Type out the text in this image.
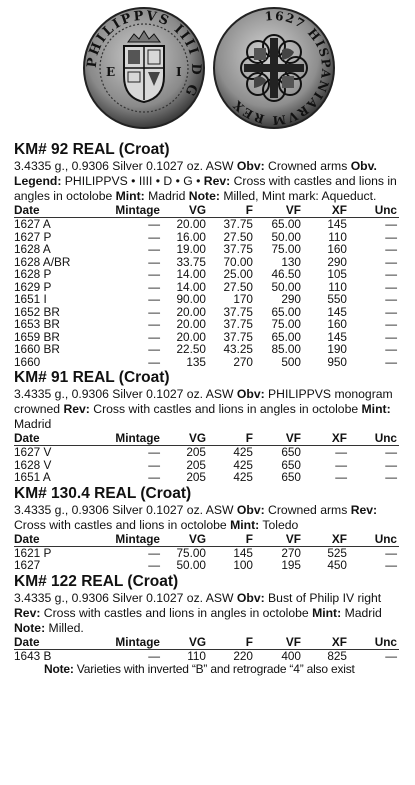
PHILIPPVS IIII D G
E	I
1627 HISPANIARVM REX

KM# 92 REAL (Croat)

3.4335 g., 0.9306 Silver 0.1027 oz. ASW Obv: Crowned arms Obv. Legend: PHILIPPVS • IIII • D • G • Rev: Cross with castles and lions in angles in octolobe Mint: Madrid Note: Milled, Mint mark: Aqueduct.

Date	Mintage	VG	F	VF	XF	Unc
1627 A	—	20.00	37.75	65.00	145	—
1627 P	—	16.00	27.50	50.00	110	—
1628 A	—	19.00	37.75	75.00	160	—
1628 A/BR	—	33.75	70.00	130	290	—
1628 P	—	14.00	25.00	46.50	105	—
1629 P	—	14.00	27.50	50.00	110	—
1651 I	—	90.00	170	290	550	—
1652 BR	—	20.00	37.75	65.00	145	—
1653 BR	—	20.00	37.75	75.00	160	—
1659 BR	—	20.00	37.75	65.00	145	—
1660 BR	—	22.50	43.25	85.00	190	—
1660	—	135	270	500	950	—

KM# 91 REAL (Croat)

3.4335 g., 0.9306 Silver 0.1027 oz. ASW Obv: PHILIPPVS monogram crowned Rev: Cross with castles and lions in angles in octolobe Mint: Madrid

Date	Mintage	VG	F	VF	XF	Unc
1627 V	—	205	425	650	—	—
1628 V	—	205	425	650	—	—
1651 A	—	205	425	650	—	—

KM# 130.4 REAL (Croat)

3.4335 g., 0.9306 Silver 0.1027 oz. ASW Obv: Crowned arms Rev: Cross with castles and lions in octolobe Mint: Toledo

Date	Mintage	VG	F	VF	XF	Unc
1621 P	—	75.00	145	270	525	—
1627	—	50.00	100	195	450	—

KM# 122 REAL (Croat)

3.4335 g., 0.9306 Silver 0.1027 oz. ASW Obv: Bust of Philip IV right Rev: Cross with castles and lions in angles in octolobe Mint: Madrid Note: Milled.

Date	Mintage	VG	F	VF	XF	Unc
1643 B	—	110	220	400	825	—

Note: Varieties with inverted “B” and retrograde “4” also exist
